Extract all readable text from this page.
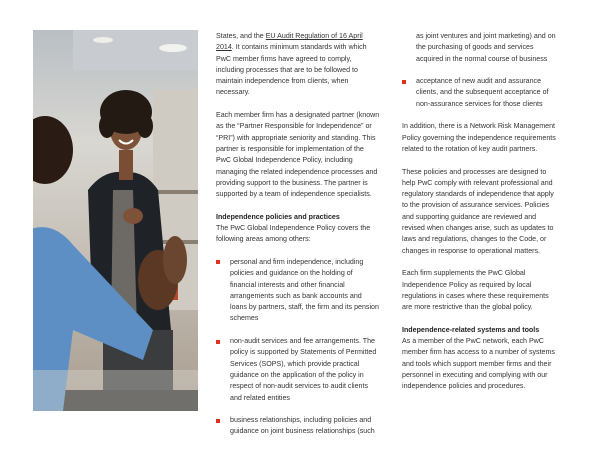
States, and the EU Audit Regulation of 16 April 2014. It contains minimum standards with which PwC member firms have agreed to comply, including processes that are to be followed to maintain independence from clients, when necessary.

Each member firm has a designated partner (known as the “Partner Responsible for Independence” or “PRI”) with appropriate seniority and standing. This partner is responsible for implementation of the PwC Global Independence Policy, including managing the related independence processes and providing support to the business. The partner is supported by a team of independence specialists.

Independence policies and practices

The PwC Global Independence Policy covers the following areas among others:

personal and firm independence, including policies and guidance on the holding of financial interests and other financial arrangements such as bank accounts and loans by partners, staff, the firm and its pension schemes
non-audit services and fee arrangements. The policy is supported by Statements of Permitted Services (SOPS), which provide practical guidance on the application of the policy in respect of non-audit services to audit clients and related entities
business relationships, including policies and guidance on joint business relationships (such
as joint ventures and joint marketing) and on the purchasing of goods and services acquired in the normal course of business
acceptance of new audit and assurance clients, and the subsequent acceptance of non-assurance services for those clients

In addition, there is a Network Risk Management Policy governing the independence requirements related to the rotation of key audit partners.

These policies and processes are designed to help PwC comply with relevant professional and regulatory standards of independence that apply to the provision of assurance services. Policies and supporting guidance are reviewed and revised when changes arise, such as updates to laws and regulations, changes to the Code, or changes in response to operational matters.

Each firm supplements the PwC Global Independence Policy as required by local regulations in cases where these requirements are more restrictive than the global policy.

Independence-related systems and tools

As a member of the PwC network, each PwC member firm has access to a number of systems and tools which support member firms and their personnel in executing and complying with our independence policies and procedures.
